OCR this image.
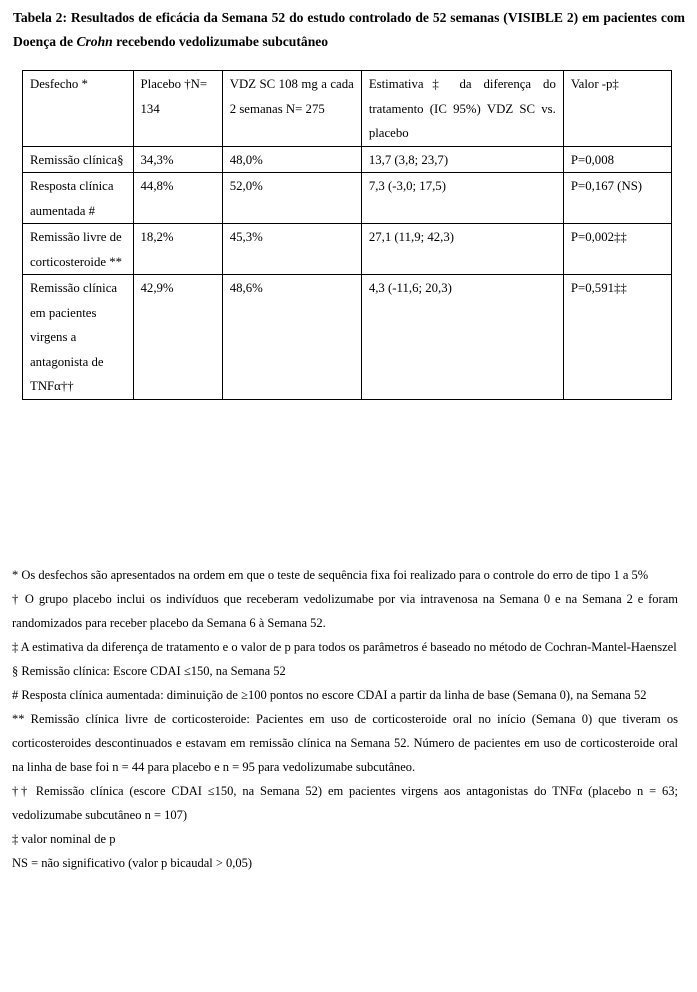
Tabela 2: Resultados de eficácia da Semana 52 do estudo controlado de 52 semanas (VISIBLE 2) em pacientes com Doença de Crohn recebendo vedolizumabe subcutâneo
Desfecho *	Placebo †N= 134	VDZ SC 108 mg a cada 2 semanas N= 275	Estimativa‡ da diferença do tratamento (IC 95%) VDZ SC vs. placebo	Valor -p‡
Remissão clínica§	34,3%	48,0%	13,7 (3,8; 23,7)	P=0,008
Resposta clínica aumentada #	44,8%	52,0%	7,3 (-3,0; 17,5)	P=0,167 (NS)
Remissão livre de corticosteroide **	18,2%	45,3%	27,1 (11,9; 42,3)	P=0,002‡‡
Remissão clínica em pacientes virgens a antagonista de TNFα††	42,9%	48,6%	4,3 (-11,6; 20,3)	P=0,591‡‡

* Os desfechos são apresentados na ordem em que o teste de sequência fixa foi realizado para o controle do erro de tipo 1 a 5%

† O grupo placebo inclui os indivíduos que receberam vedolizumabe por via intravenosa na Semana 0 e na Semana 2 e foram randomizados para receber placebo da Semana 6 à Semana 52.

‡ A estimativa da diferença de tratamento e o valor de p para todos os parâmetros é baseado no método de Cochran-Mantel-Haenszel

§ Remissão clínica: Escore CDAI ≤150, na Semana 52

# Resposta clínica aumentada: diminuição de ≥100 pontos no escore CDAI a partir da linha de base (Semana 0), na Semana 52

** Remissão clínica livre de corticosteroide: Pacientes em uso de corticosteroide oral no início (Semana 0) que tiveram os corticosteroides descontinuados e estavam em remissão clínica na Semana 52. Número de pacientes em uso de corticosteroide oral na linha de base foi n = 44 para placebo e n = 95 para vedolizumabe subcutâneo.

†† Remissão clínica (escore CDAI ≤150, na Semana 52) em pacientes virgens aos antagonistas do TNFα (placebo n = 63; vedolizumabe subcutâneo n = 107)

‡ valor nominal de p

NS = não significativo (valor p bicaudal > 0,05)
